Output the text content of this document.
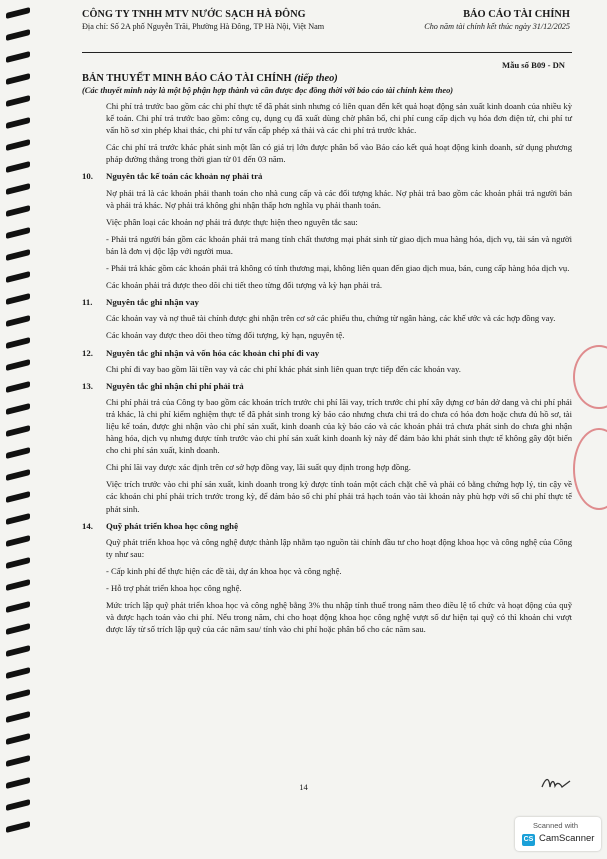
CÔNG TY TNHH MTV NƯỚC SẠCH HÀ ĐÔNG	BÁO CÁO TÀI CHÍNH
Địa chỉ: Số 2A phố Nguyễn Trãi, Phường Hà Đông, TP Hà Nội, Việt Nam	Cho năm tài chính kết thúc ngày 31/12/2025
Mẫu số B09 - DN
BẢN THUYẾT MINH BÁO CÁO TÀI CHÍNH (tiếp theo)
(Các thuyết minh này là một bộ phận hợp thành và cần được đọc đồng thời với báo cáo tài chính kèm theo)

Chi phí trả trước bao gồm các chi phí thực tế đã phát sinh nhưng có liên quan đến kết quả hoạt động sản xuất kinh doanh của nhiều kỳ kế toán. Chi phí trả trước bao gồm: công cụ, dụng cụ đã xuất dùng chờ phân bổ, chi phí cung cấp dịch vụ hóa đơn điện tử, chi phí tư vấn hồ sơ xin phép khai thác, chi phí tư vấn cấp phép xả thải và các chi phí trả trước khác.

Các chi phí trả trước khác phát sinh một lần có giá trị lớn được phân bổ vào Báo cáo kết quả hoạt động kinh doanh, sử dụng phương pháp đường thẳng trong thời gian từ 01 đến 03 năm.

10.	Nguyên tắc kế toán các khoản nợ phải trả

Nợ phải trả là các khoản phải thanh toán cho nhà cung cấp và các đối tượng khác. Nợ phải trả bao gồm các khoản phải trả người bán và phải trả khác. Nợ phải trả không ghi nhận thấp hơn nghĩa vụ phải thanh toán.

Việc phân loại các khoản nợ phải trả được thực hiện theo nguyên tắc sau:

- Phải trả người bán gồm các khoản phải trả mang tính chất thương mại phát sinh từ giao dịch mua hàng hóa, dịch vụ, tài sản và người bán là đơn vị độc lập với người mua.

- Phải trả khác gồm các khoản phải trả không có tính thương mại, không liên quan đến giao dịch mua, bán, cung cấp hàng hóa dịch vụ.

Các khoản phải trả được theo dõi chi tiết theo từng đối tượng và kỳ hạn phải trả.

11.	Nguyên tắc ghi nhận vay

Các khoản vay và nợ thuê tài chính được ghi nhận trên cơ sở các phiếu thu, chứng từ ngân hàng, các khế ước và các hợp đồng vay.

Các khoản vay được theo dõi theo từng đối tượng, kỳ hạn, nguyên tệ.

12.	Nguyên tắc ghi nhận và vốn hóa các khoản chi phí đi vay

Chi phí đi vay bao gồm lãi tiền vay và các chi phí khác phát sinh liên quan trực tiếp đến các khoản vay.

13.	Nguyên tắc ghi nhận chi phí phải trả

Chi phí phải trả của Công ty bao gồm các khoản trích trước chi phí lãi vay, trích trước chi phí xây dựng cơ bản dở dang và chi phí phải trả khác, là chi phí kiểm nghiệm thực tế đã phát sinh trong kỳ báo cáo nhưng chưa chi trả do chưa có hóa đơn hoặc chưa đủ hồ sơ, tài liệu kế toán, được ghi nhận vào chi phí sản xuất, kinh doanh của kỳ báo cáo và các khoản phải trả chưa phát sinh do chưa ghi nhận hàng hóa, dịch vụ nhưng được tính trước vào chi phí sản xuất kinh doanh kỳ này để đảm bảo khi phát sinh thực tế không gây đột biến cho chi phí sản xuất, kinh doanh.

Chi phí lãi vay được xác định trên cơ sở hợp đồng vay, lãi suất quy định trong hợp đồng.

Việc trích trước vào chi phí sản xuất, kinh doanh trong kỳ được tính toán một cách chặt chẽ và phải có bằng chứng hợp lý, tin cậy về các khoản chi phí phải trích trước trong kỳ, để đảm bảo số chi phí phải trả hạch toán vào tài khoản này phù hợp với số chi phí thực tế phát sinh.

14.	Quỹ phát triển khoa học công nghệ

Quỹ phát triển khoa học và công nghệ được thành lập nhằm tạo nguồn tài chính đầu tư cho hoạt động khoa học và công nghệ của Công ty như sau:

- Cấp kinh phí để thực hiện các đề tài, dự án khoa học và công nghệ.

- Hỗ trợ phát triển khoa học công nghệ.

Mức trích lập quỹ phát triển khoa học và công nghệ bằng 3% thu nhập tính thuế trong năm theo điều lệ tổ chức và hoạt động của quỹ và được hạch toán vào chi phí. Nếu trong năm, chi cho hoạt động khoa học công nghệ vượt số dư hiện tại quỹ có thì khoản chi vượt được lấy từ số trích lập quỹ của các năm sau/ tính vào chi phí hoặc phân bổ cho các năm sau.

14
Scanned with
CS CamScanner
